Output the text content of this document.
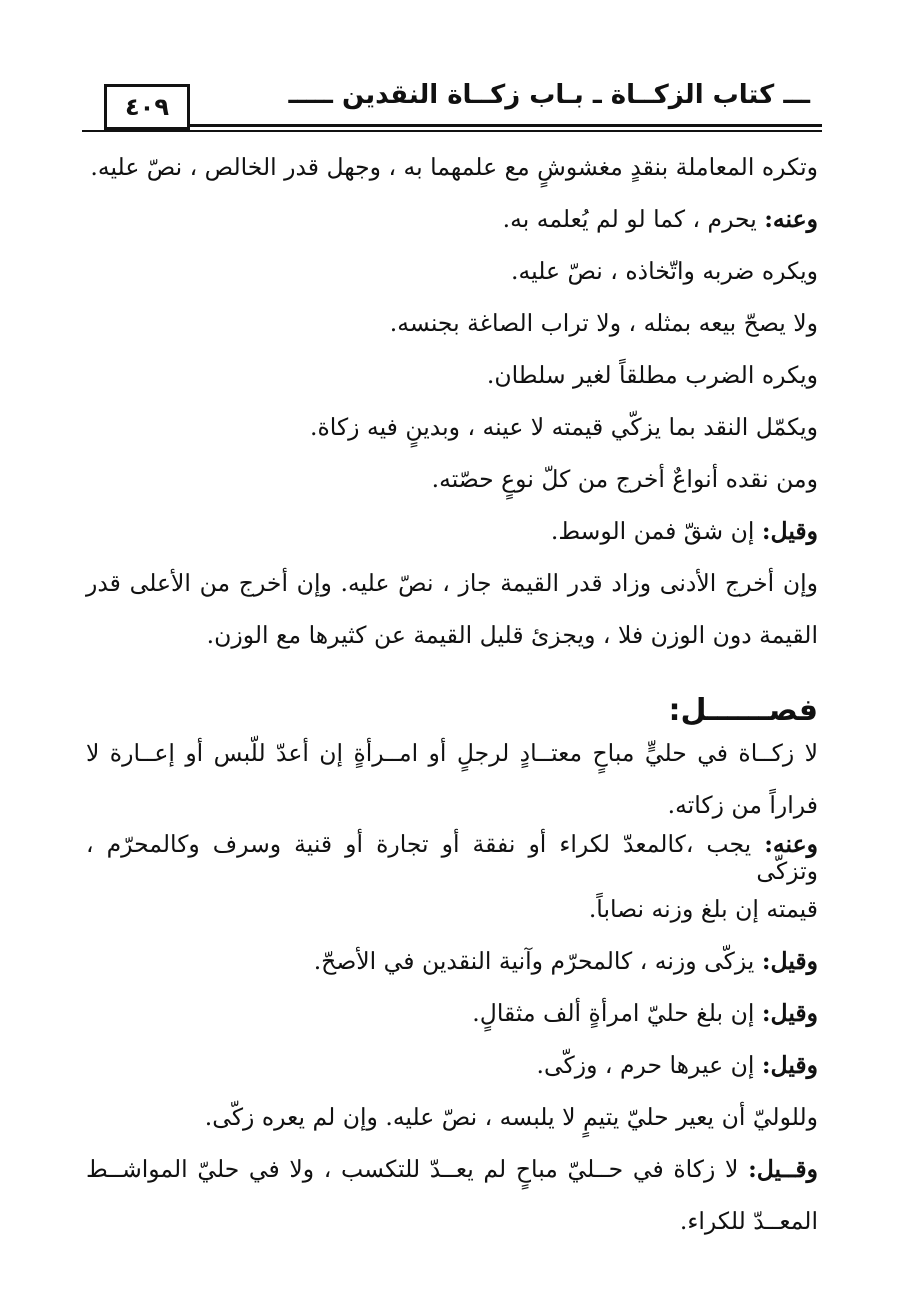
٤٠٩	ـــ كتاب الزكــاة ـ بـاب زكــاة النقدين ـــــ
وتكره المعاملة بنقدٍ مغشوشٍ مع علمهما به ، وجهل قدر الخالص ، نصّ عليه.
وعنه: يحرم ، كما لو لم يُعلمه به.
ويكره ضربه واتّخاذه ، نصّ عليه.
ولا يصحّ بيعه بمثله ، ولا تراب الصاغة بجنسه.
ويكره الضرب مطلقاً لغير سلطان.
ويكمّل النقد بما يزكّي قيمته لا عينه ، وبدينٍ فيه زكاة.
ومن نقده أنواعٌ أخرج من كلّ نوعٍ حصّته.
وقيل: إن شقّ فمن الوسط.
وإن أخرج الأدنى وزاد قدر القيمة جاز ، نصّ عليه. وإن أخرج من الأعلى قدر
القيمة دون الوزن فلا ، ويجزئ قليل القيمة عن كثيرها مع الوزن.
فصــــــل:
لا زكــاة في حليٍّ مباحٍ معتــادٍ لرجلٍ أو امــرأةٍ إن أعدّ للّبس أو إعــارة لا
فراراً من زكاته.
وعنه: يجب ،كالمعدّ لكراء أو نفقة أو تجارة أو قنية وسرف وكالمحرّم ، وتزكّى
قيمته إن بلغ وزنه نصاباً.
وقيل: يزكّى وزنه ، كالمحرّم وآنية النقدين في الأصحّ.
وقيل: إن بلغ حليّ امرأةٍ ألف مثقالٍ.
وقيل: إن عيرها حرم ، وزكّى.
وللوليّ أن يعير حليّ يتيمٍ لا يلبسه ، نصّ عليه. وإن لم يعره زكّى.
وقــيل: لا زكاة في حــليّ مباحٍ لم يعــدّ للتكسب ، ولا في حليّ المواشــط
المعــدّ للكراء.
